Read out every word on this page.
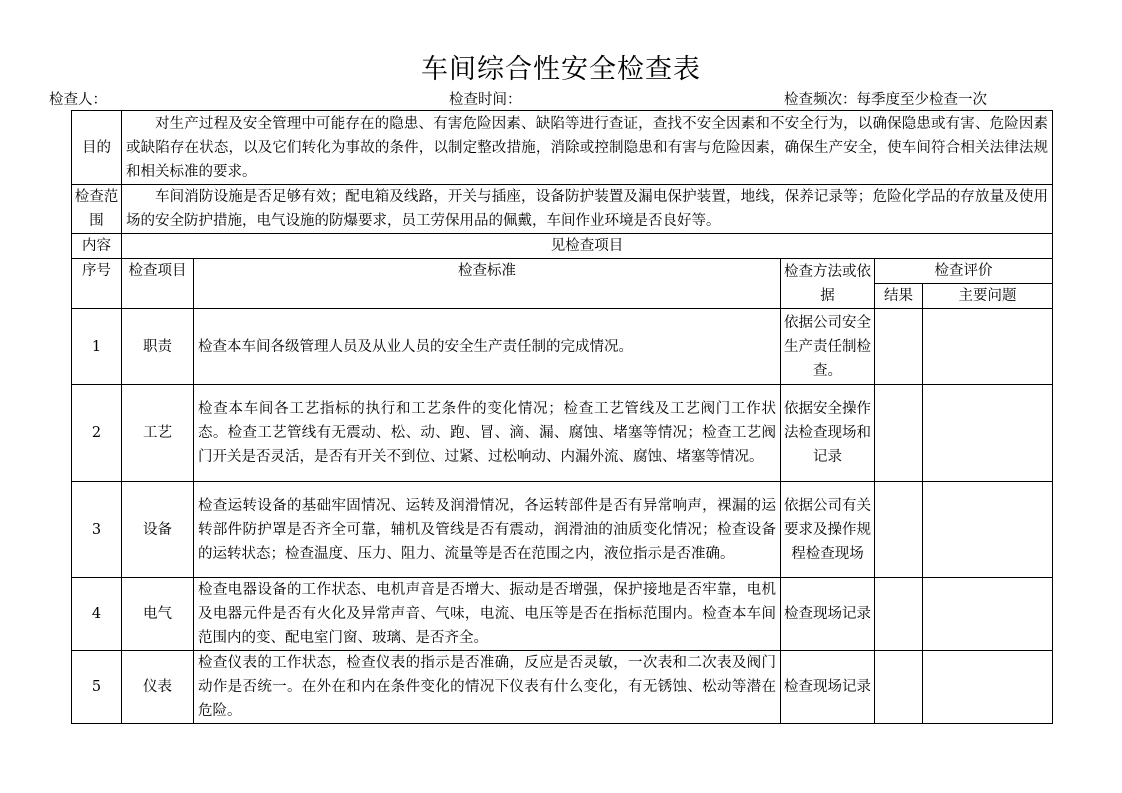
车间综合性安全检查表
检查人：	检查时间：	检查频次：每季度至少检查一次
目的	对生产过程及安全管理中可能存在的隐患、有害危险因素、缺陷等进行查证，查找不安全因素和不安全行为，以确保隐患或有害、危险因素或缺陷存在状态，以及它们转化为事故的条件，以制定整改措施，消除或控制隐患和有害与危险因素，确保生产安全，使车间符合相关法律法规和相关标准的要求。				
检查范围	车间消防设施是否足够有效；配电箱及线路，开关与插座，设备防护装置及漏电保护装置，地线，保养记录等；危险化学品的存放量及使用场的安全防护措施，电气设施的防爆要求，员工劳保用品的佩戴，车间作业环境是否良好等。				
内容	见检查项目				
序号	检查项目	检查标准	检查方法或依据	检查评价	
				结果	主要问题
1	职责	检查本车间各级管理人员及从业人员的安全生产责任制的完成情况。	依据公司安全生产责任制检查。		
2	工艺	检查本车间各工艺指标的执行和工艺条件的变化情况；检查工艺管线及工艺阀门工作状态。检查工艺管线有无震动、松、动、跑、冒、滴、漏、腐蚀、堵塞等情况；检查工艺阀门开关是否灵活，是否有开关不到位、过紧、过松响动、内漏外流、腐蚀、堵塞等情况。	依据安全操作法检查现场和记录		
3	设备	检查运转设备的基础牢固情况、运转及润滑情况，各运转部件是否有异常响声，裸漏的运转部件防护罩是否齐全可靠，辅机及管线是否有震动，润滑油的油质变化情况；检查设备的运转状态；检查温度、压力、阻力、流量等是否在范围之内，液位指示是否准确。	依据公司有关要求及操作规程检查现场		
4	电气	检查电器设备的工作状态、电机声音是否增大、振动是否增强，保护接地是否牢靠，电机及电器元件是否有火化及异常声音、气味，电流、电压等是否在指标范围内。检查本车间范围内的变、配电室门窗、玻璃、是否齐全。	检查现场记录		
5	仪表	检查仪表的工作状态，检查仪表的指示是否准确，反应是否灵敏，一次表和二次表及阀门动作是否统一。在外在和内在条件变化的情况下仪表有什么变化，有无锈蚀、松动等潜在危险。	检查现场记录		
